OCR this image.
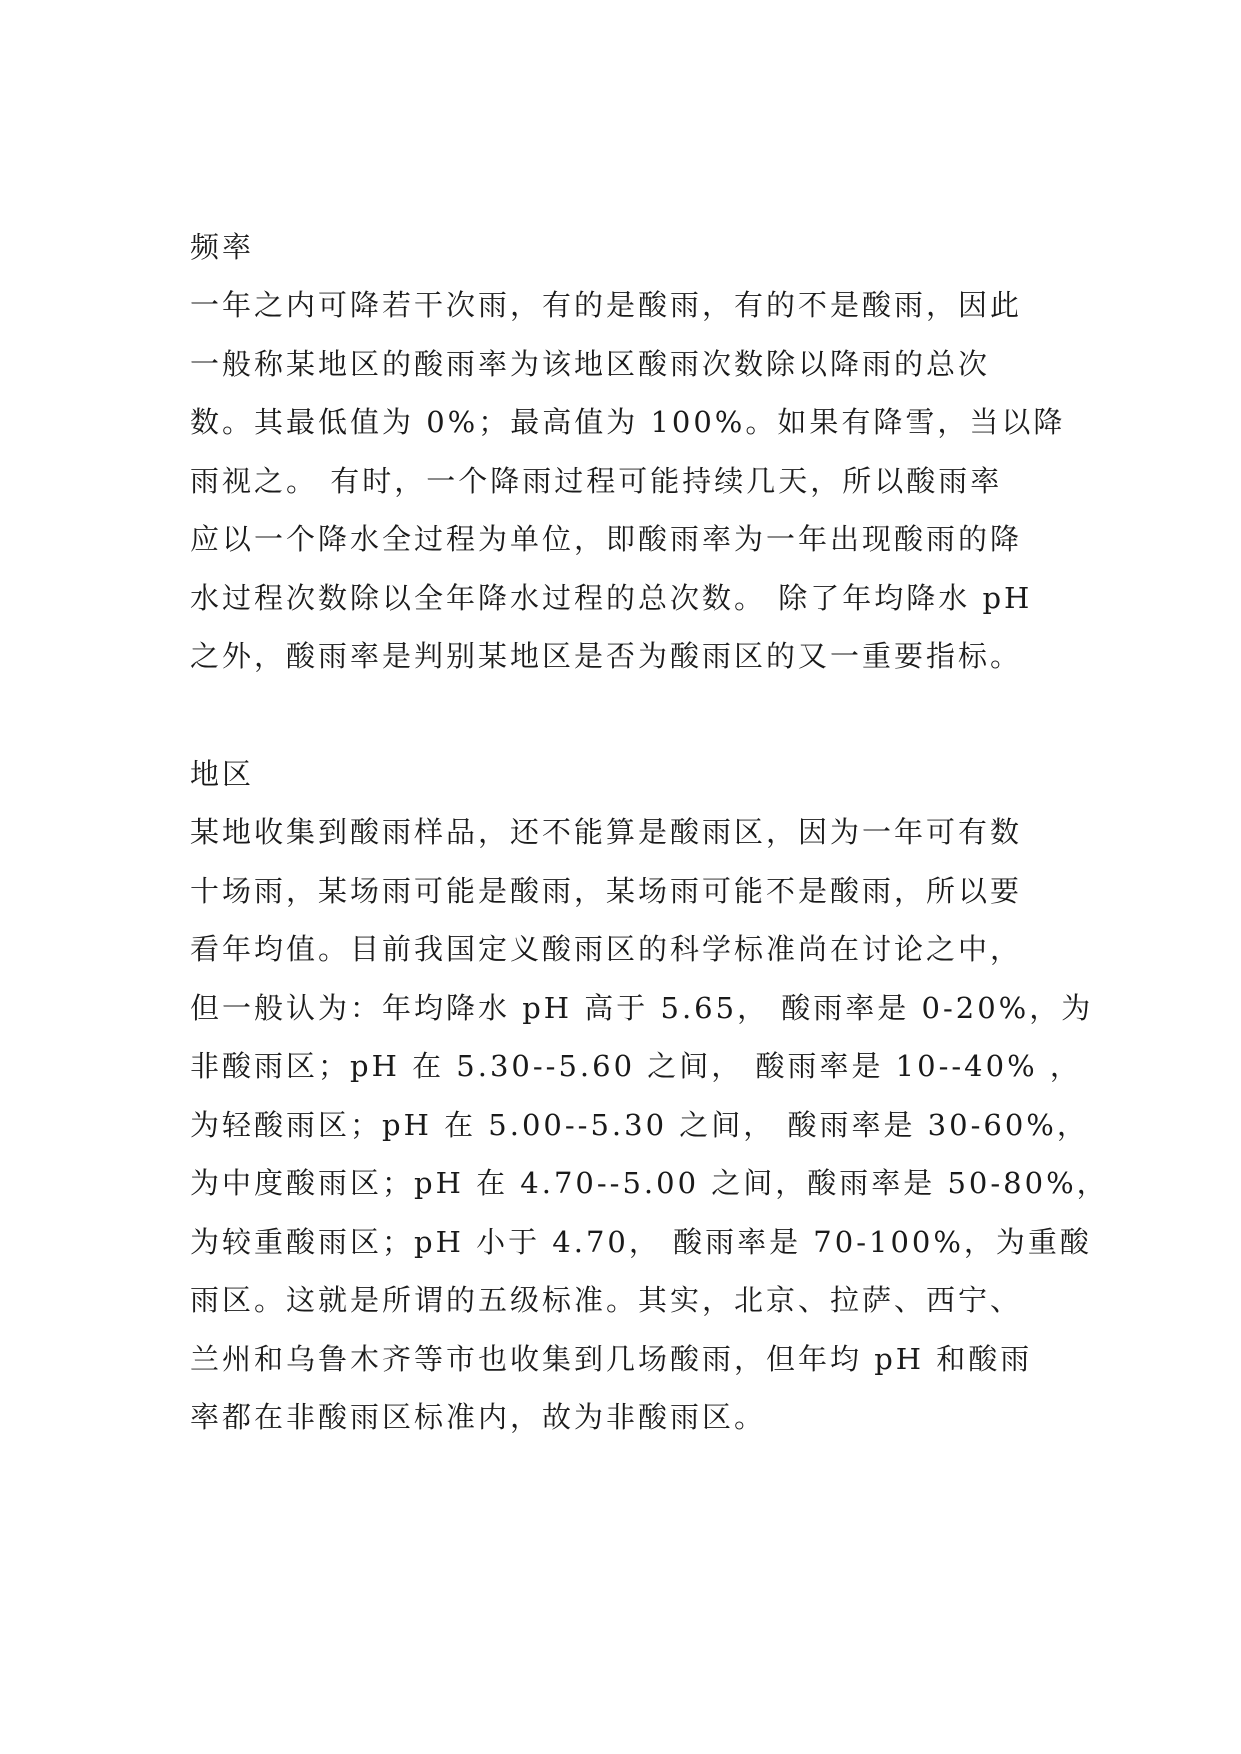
频率
一年之内可降若干次雨，有的是酸雨，有的不是酸雨，因此
一般称某地区的酸雨率为该地区酸雨次数除以降雨的总次
数。其最低值为 0%；最高值为 100%。如果有降雪，当以降
雨视之。 有时，一个降雨过程可能持续几天，所以酸雨率
应以一个降水全过程为单位，即酸雨率为一年出现酸雨的降
水过程次数除以全年降水过程的总次数。 除了年均降水 pH
之外，酸雨率是判别某地区是否为酸雨区的又一重要指标。
地区
某地收集到酸雨样品，还不能算是酸雨区，因为一年可有数
十场雨，某场雨可能是酸雨，某场雨可能不是酸雨，所以要
看年均值。目前我国定义酸雨区的科学标准尚在讨论之中，
但一般认为：年均降水 pH 高于 5.65， 酸雨率是 0-20%，为
非酸雨区；pH 在 5.30--5.60 之间， 酸雨率是 10--40% ，
为轻酸雨区；pH 在 5.00--5.30 之间， 酸雨率是 30-60%，
为中度酸雨区；pH 在 4.70--5.00 之间，酸雨率是 50-80%，
为较重酸雨区；pH 小于 4.70， 酸雨率是 70-100%，为重酸
雨区。这就是所谓的五级标准。其实，北京、拉萨、西宁、
兰州和乌鲁木齐等市也收集到几场酸雨，但年均 pH 和酸雨
率都在非酸雨区标准内，故为非酸雨区。
